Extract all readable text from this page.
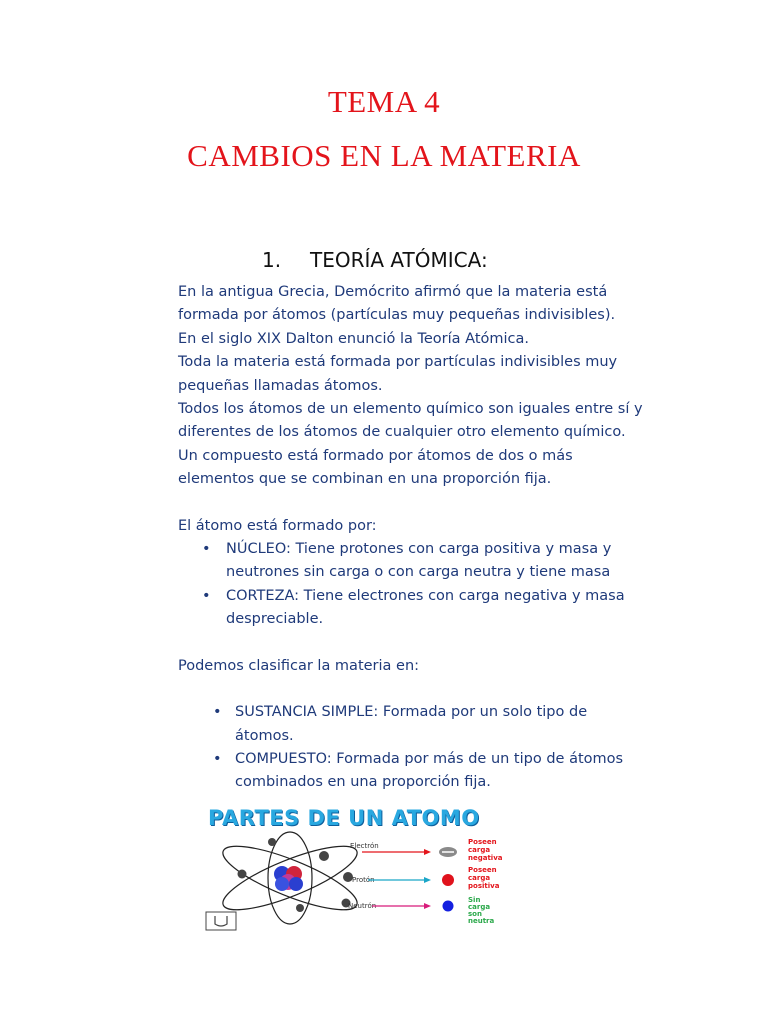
TEMA 4
CAMBIOS EN LA MATERIA
1. TEORÍA ATÓMICA:

En la antigua Grecia, Demócrito afirmó que la materia está formada por átomos (partículas muy pequeñas indivisibles).

En el siglo XIX Dalton enunció la Teoría Atómica.

Toda la materia está formada por partículas indivisibles muy pequeñas llamadas átomos.

Todos los átomos de un elemento químico son iguales entre sí y diferentes de los átomos de cualquier otro elemento químico.

Un compuesto está formado por átomos de dos o más elementos que se combinan en una proporción fija.

El átomo está formado por:

• NÚCLEO: Tiene protones con carga positiva y masa y neutrones sin carga o con carga neutra y tiene masa
• CORTEZA: Tiene electrones con carga negativa y masa despreciable.

Podemos clasificar la materia en:

• SUSTANCIA SIMPLE: Formada por un solo tipo de átomos.
• COMPUESTO: Formada por más de un tipo de átomos combinados en una proporción fija.
PARTES DE UN ATOMO
Electrón
Protón
Neutrón
Poseen
carga
negativa
Poseen
carga
positiva
Sin
carga
son
neutra
